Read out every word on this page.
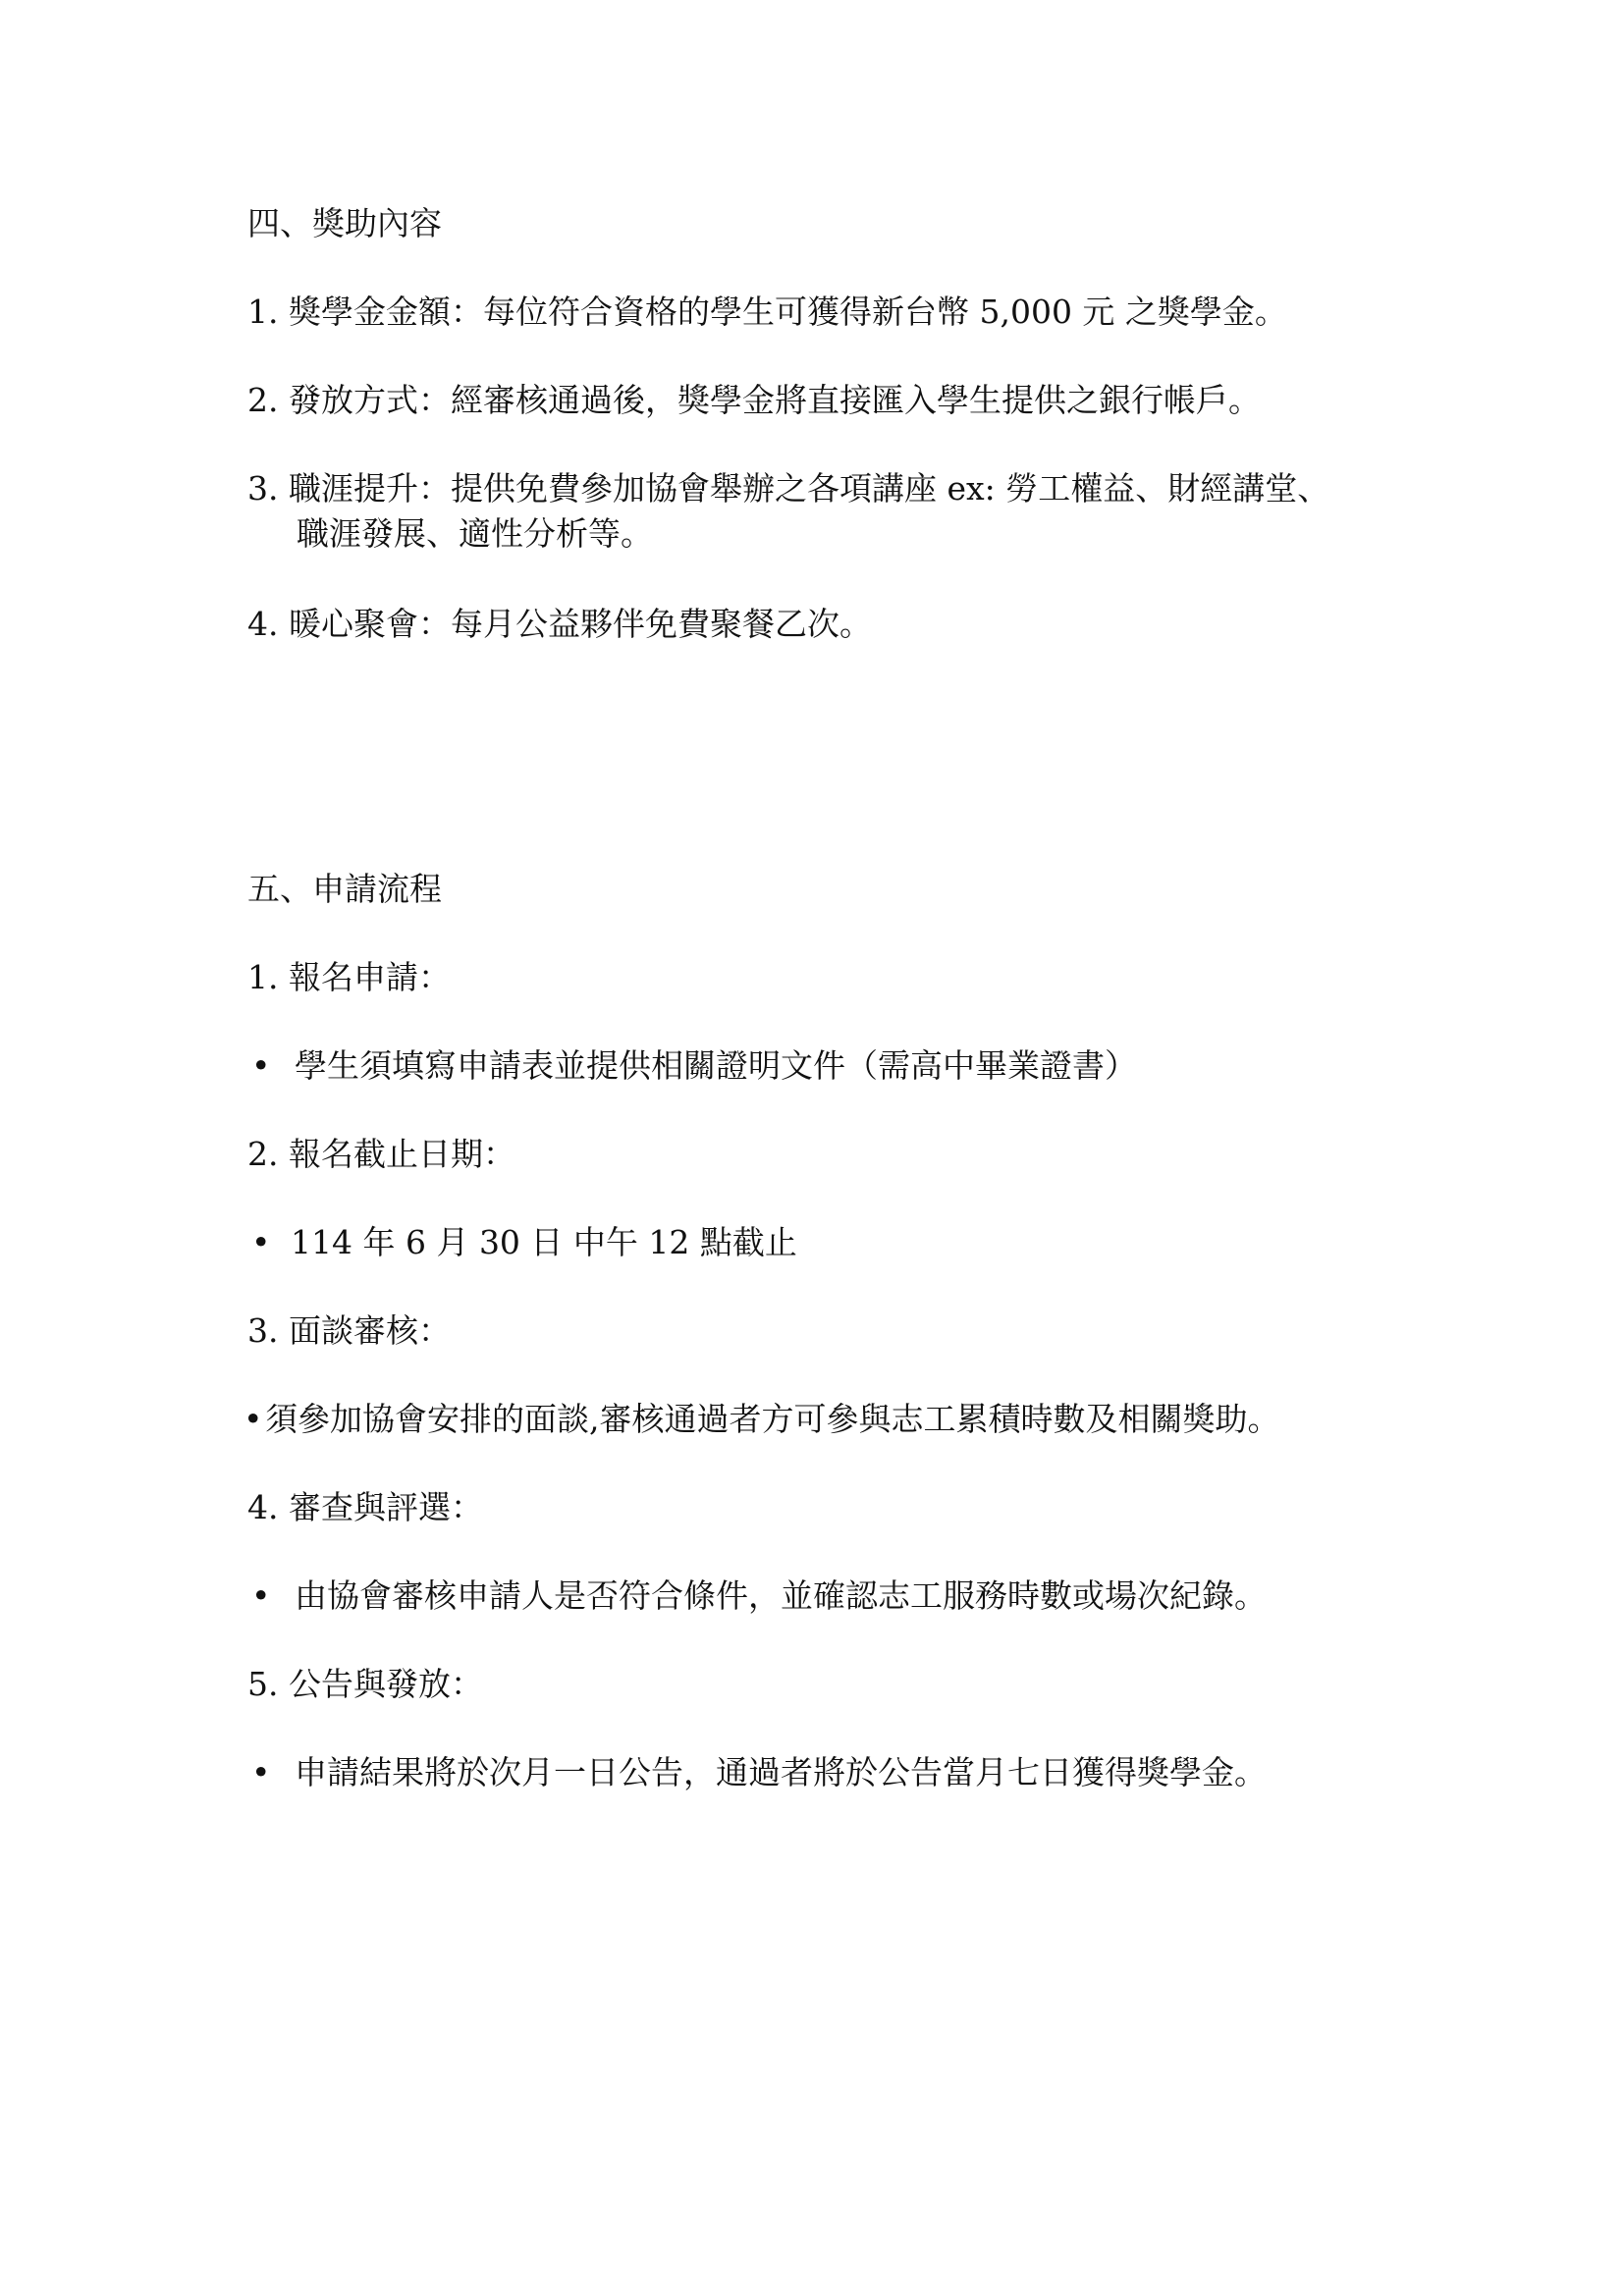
四、獎助內容
1. 獎學金金額：每位符合資格的學生可獲得新台幣 5,000 元 之獎學金。
2. 發放方式：經審核通過後，獎學金將直接匯入學生提供之銀行帳戶。
3. 職涯提升：提供免費參加協會舉辦之各項講座 ex: 勞工權益、財經講堂、
職涯發展、適性分析等。
4. 暖心聚會：每月公益夥伴免費聚餐乙次。
五、申請流程
1. 報名申請：
• 學生須填寫申請表並提供相關證明文件（需高中畢業證書）
2. 報名截止日期：
• 114 年 6 月 30 日 中午 12 點截止
3. 面談審核：
•須參加協會安排的面談,審核通過者方可參與志工累積時數及相關獎助。
4. 審查與評選：
• 由協會審核申請人是否符合條件，並確認志工服務時數或場次紀錄。
5. 公告與發放：
• 申請結果將於次月一日公告，通過者將於公告當月七日獲得獎學金。
